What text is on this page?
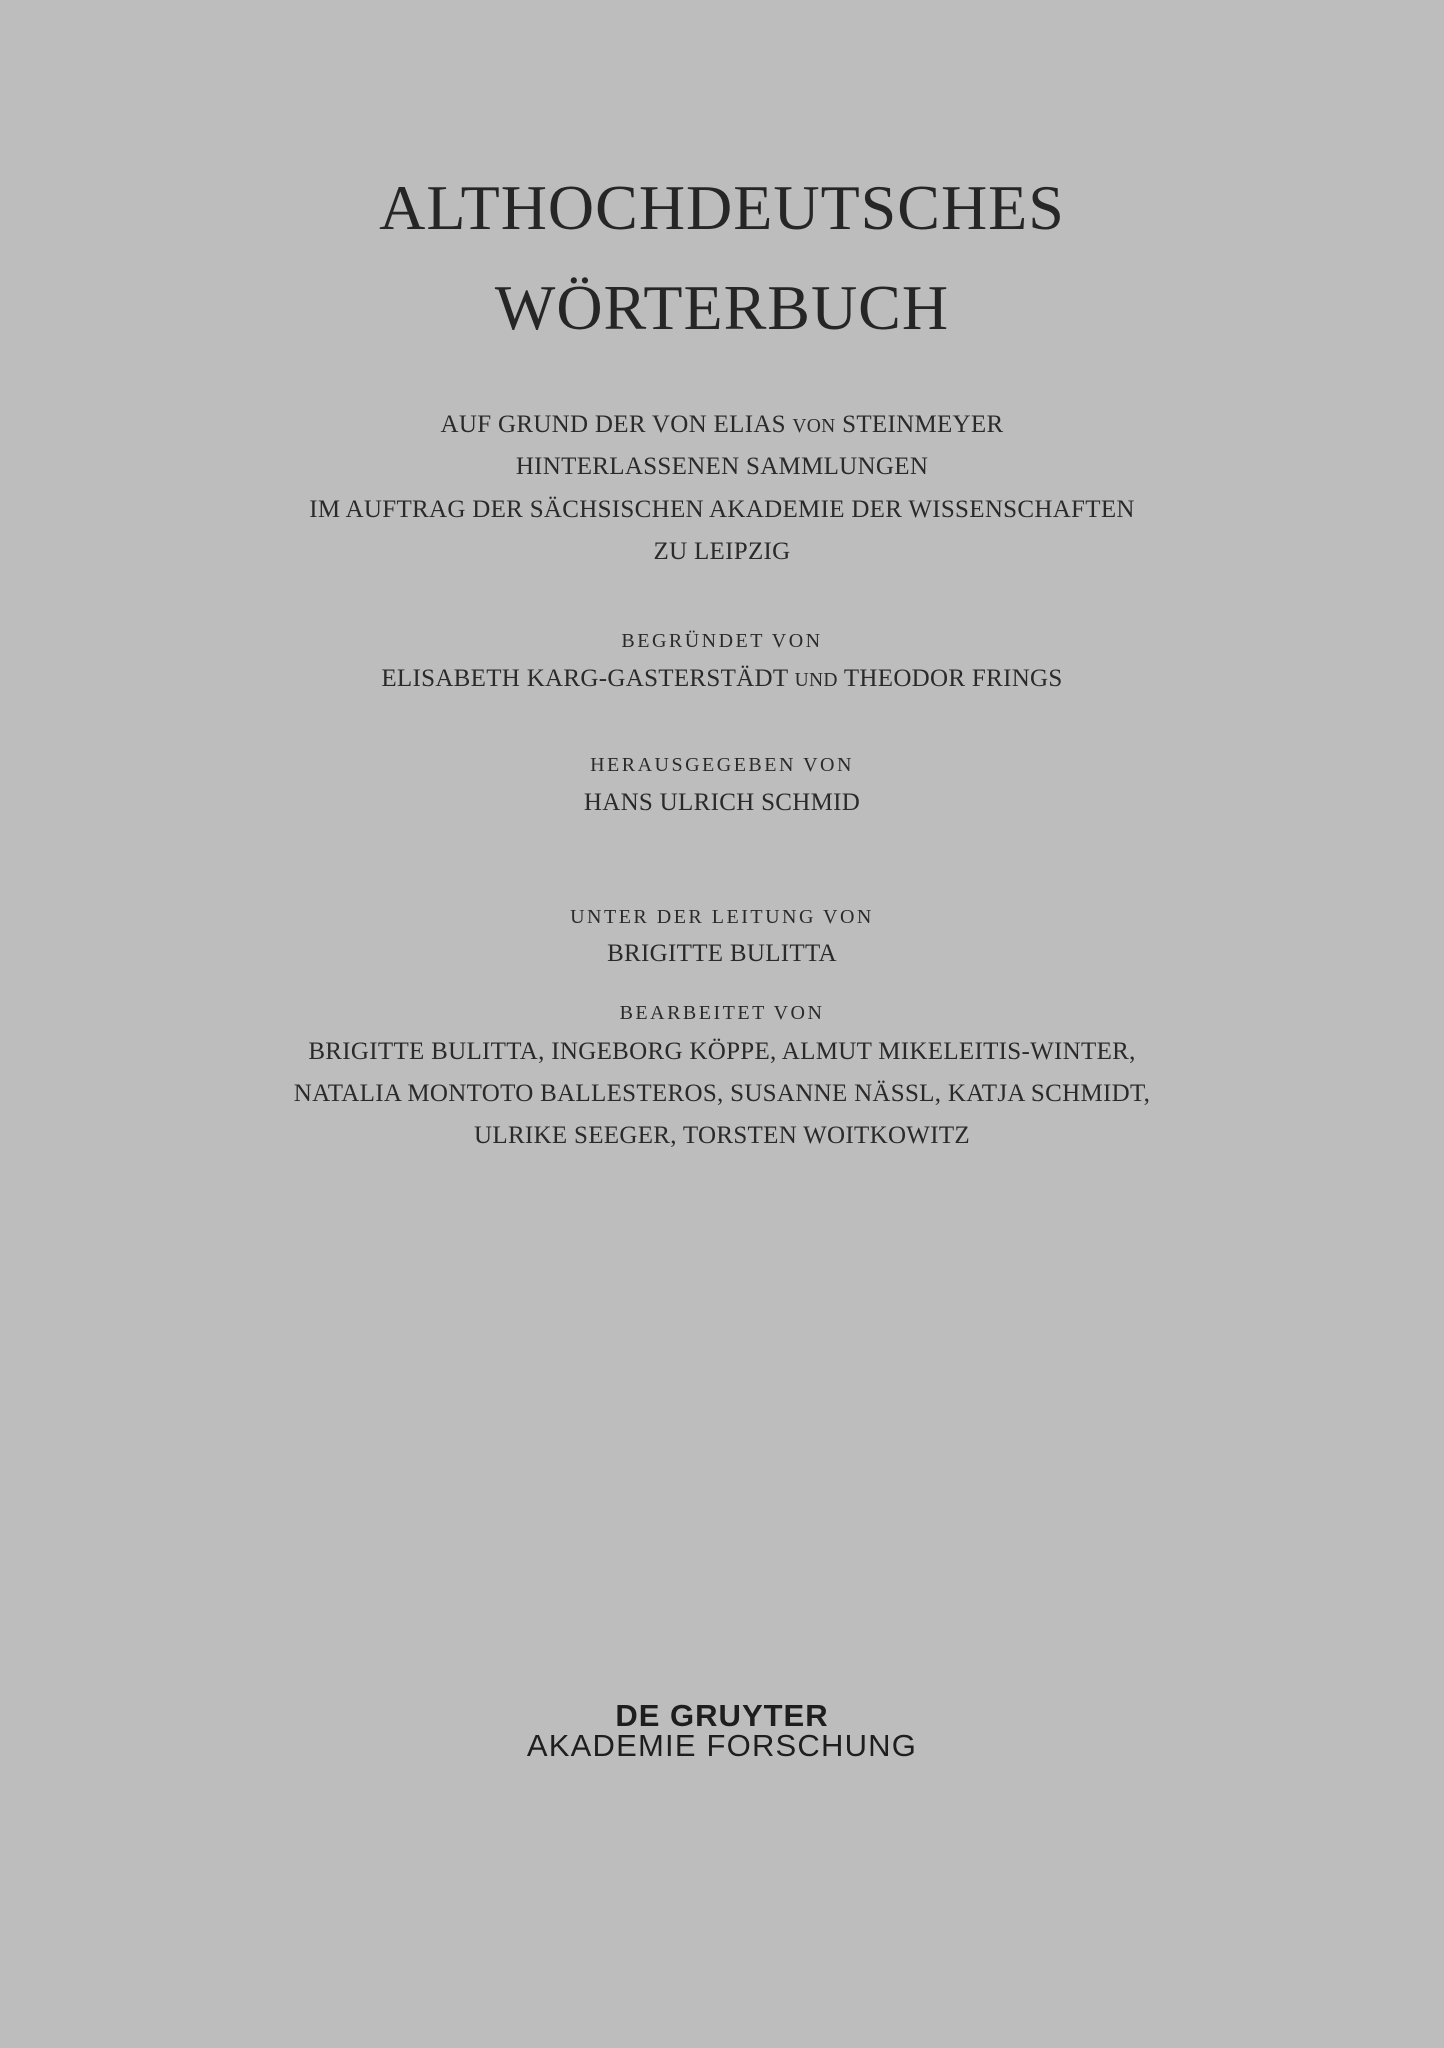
ALTHOCHDEUTSCHES
WÖRTERBUCH
AUF GRUND DER VON ELIAS VON STEINMEYER
HINTERLASSENEN SAMMLUNGEN
IM AUFTRAG DER SÄCHSISCHEN AKADEMIE DER WISSENSCHAFTEN
ZU LEIPZIG
BEGRÜNDET VON
ELISABETH KARG-GASTERSTÄDT UND THEODOR FRINGS
HERAUSGEGEBEN VON
HANS ULRICH SCHMID
UNTER DER LEITUNG VON
BRIGITTE BULITTA
BEARBEITET VON
BRIGITTE BULITTA, INGEBORG KÖPPE, ALMUT MIKELEITIS-WINTER,
NATALIA MONTOTO BALLESTEROS, SUSANNE NÄSSL, KATJA SCHMIDT,
ULRIKE SEEGER, TORSTEN WOITKOWITZ
DE GRUYTER
AKADEMIE FORSCHUNG
